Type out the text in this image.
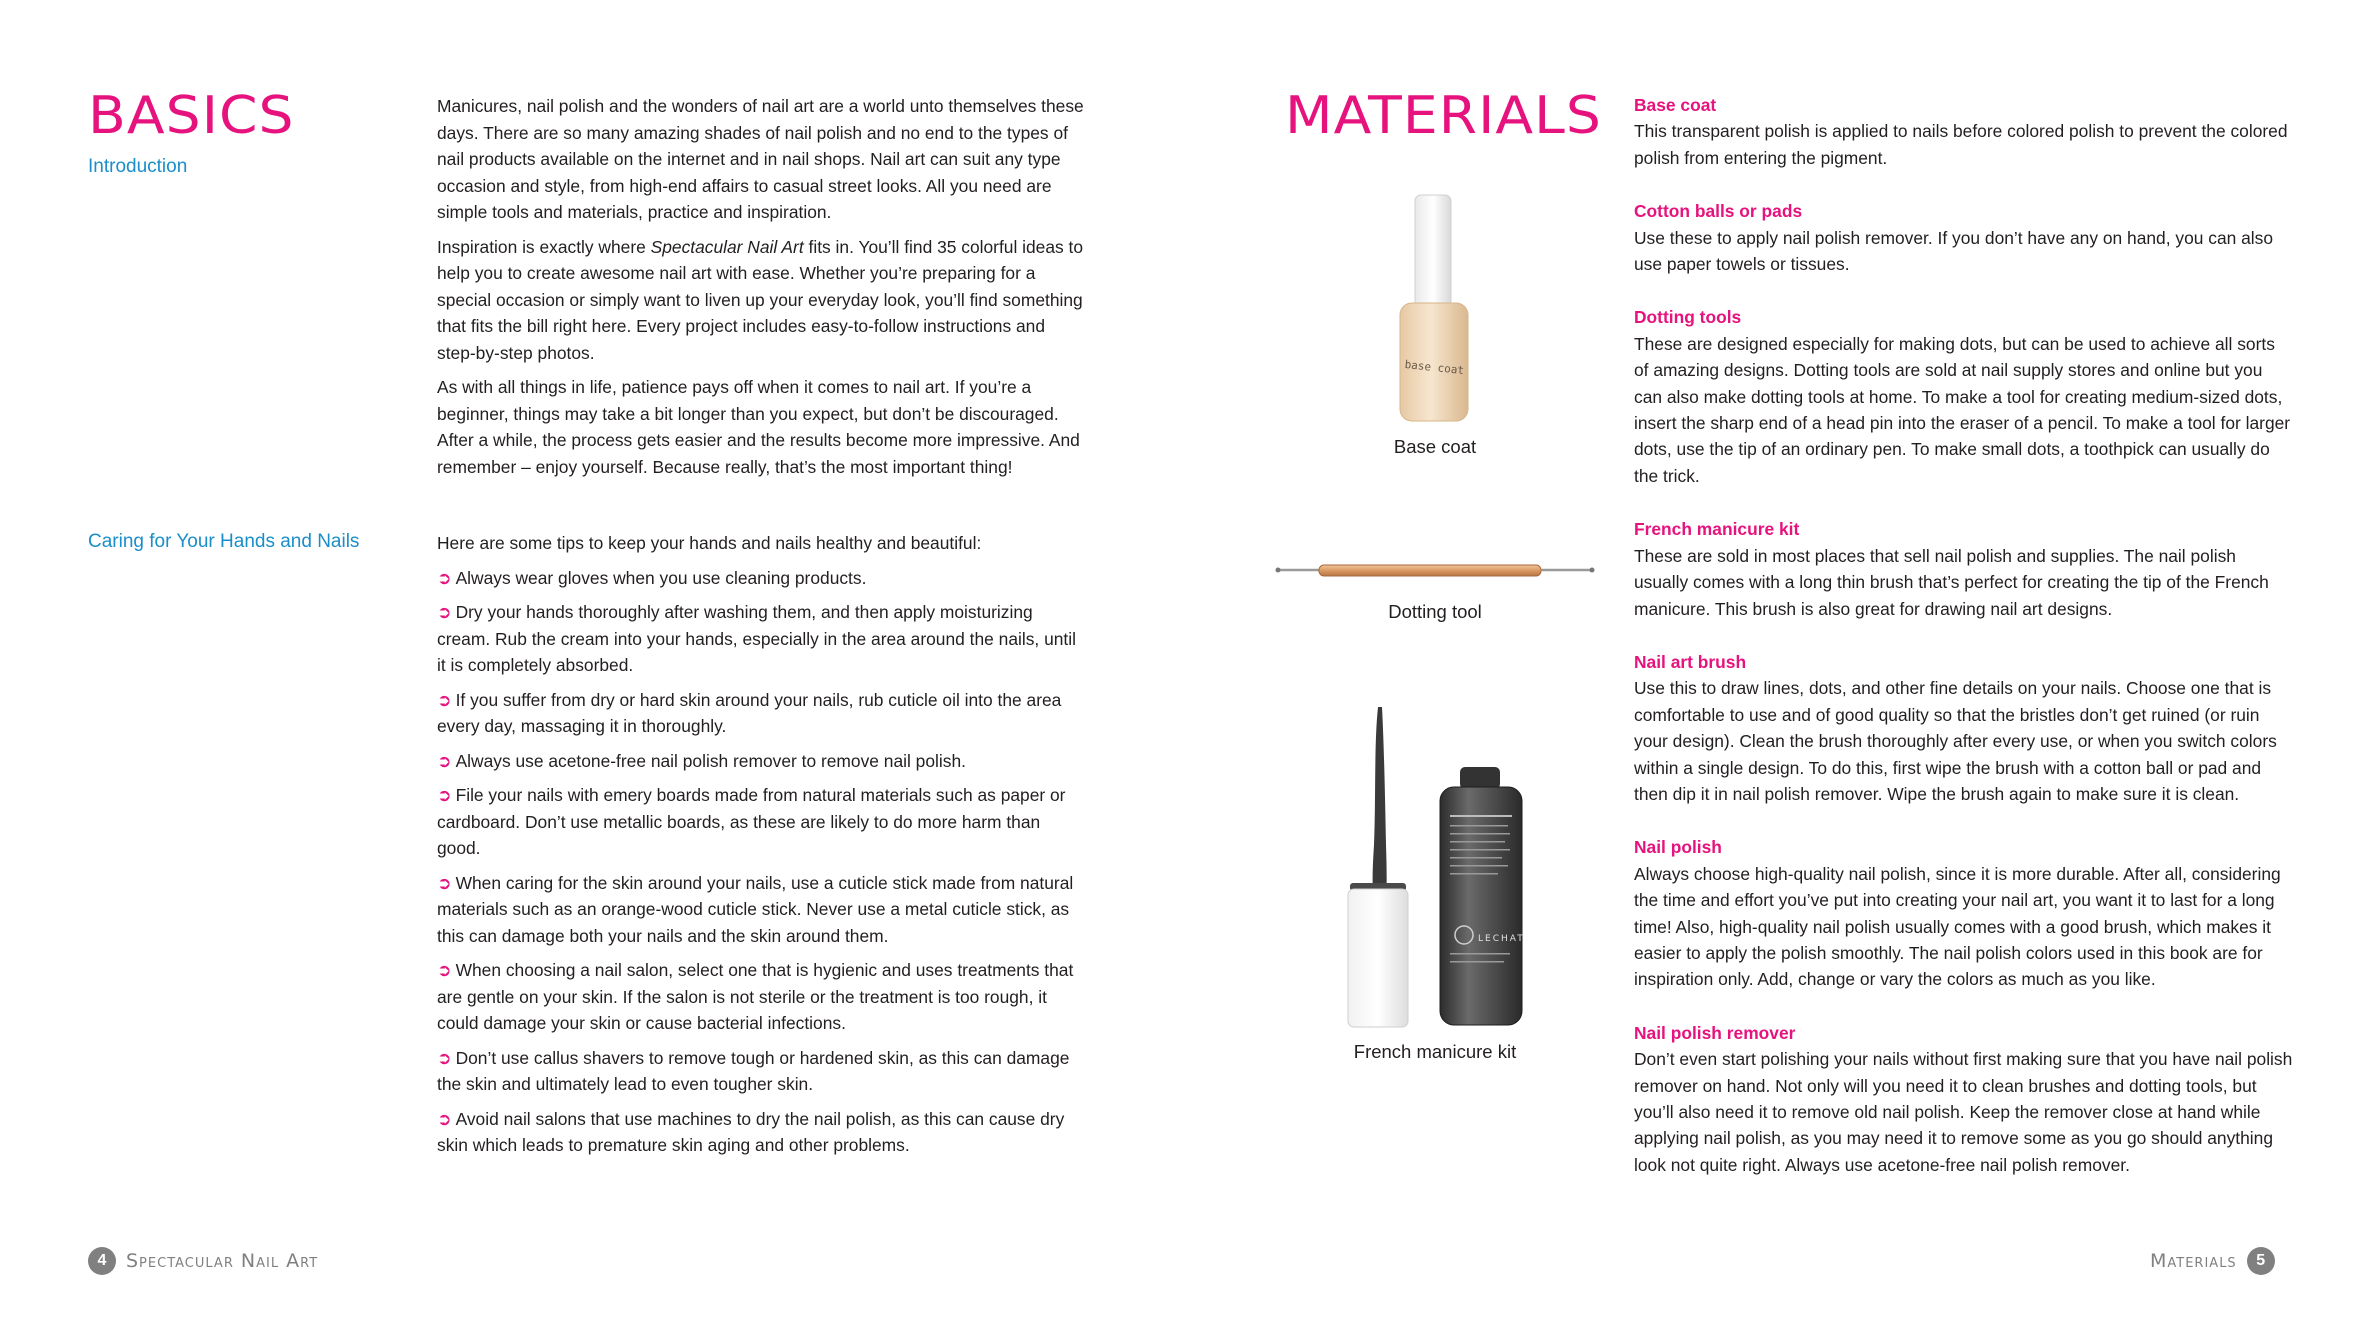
BASICS
Introduction

Manicures, nail polish and the wonders of nail art are a world unto themselves these days. There are so many amazing shades of nail polish and no end to the types of nail products available on the internet and in nail shops. Nail art can suit any type occasion and style, from high-end affairs to casual street looks. All you need are simple tools and materials, practice and inspiration.

Inspiration is exactly where Spectacular Nail Art fits in. You’ll find 35 colorful ideas to help you to create awesome nail art with ease. Whether you’re preparing for a special occasion or simply want to liven up your everyday look, you’ll find something that fits the bill right here. Every project includes easy-to-follow instructions and step-by-step photos.

As with all things in life, patience pays off when it comes to nail art. If you’re a beginner, things may take a bit longer than you expect, but don’t be discouraged. After a while, the process gets easier and the results become more impressive. And remember – enjoy yourself. Because really, that’s the most important thing!

Caring for Your Hands and Nails	Here are some tips to keep your hands and nails healthy and beautiful:

➲ Always wear gloves when you use cleaning products.

➲ Dry your hands thoroughly after washing them, and then apply moisturizing cream. Rub the cream into your hands, especially in the area around the nails, until it is completely absorbed.

➲ If you suffer from dry or hard skin around your nails, rub cuticle oil into the area every day, massaging it in thoroughly.

➲ Always use acetone-free nail polish remover to remove nail polish.

➲ File your nails with emery boards made from natural materials such as paper or cardboard. Don’t use metallic boards, as these are likely to do more harm than good.

➲ When caring for the skin around your nails, use a cuticle stick made from natural materials such as an orange-wood cuticle stick. Never use a metal cuticle stick, as this can damage both your nails and the skin around them.

➲ When choosing a nail salon, select one that is hygienic and uses treatments that are gentle on your skin. If the salon is not sterile or the treatment is too rough, it could damage your skin or cause bacterial infections.

➲ Don’t use callus shavers to remove tough or hardened skin, as this can damage the skin and ultimately lead to even tougher skin.

➲ Avoid nail salons that use machines to dry the nail polish, as this can cause dry skin which leads to premature skin aging and other problems.

4	Spectacular Nail Art
MATERIALS
base coat
Base coat
Dotting tool
LECHAT
French manicure kit
Base coat
This transparent polish is applied to nails before colored polish to prevent the colored polish from entering the pigment.
Cotton balls or pads
Use these to apply nail polish remover. If you don’t have any on hand, you can also use paper towels or tissues.
Dotting tools
These are designed especially for making dots, but can be used to achieve all sorts of amazing designs. Dotting tools are sold at nail supply stores and online but you can also make dotting tools at home. To make a tool for creating medium-sized dots, insert the sharp end of a head pin into the eraser of a pencil. To make a tool for larger dots, use the tip of an ordinary pen. To make small dots, a toothpick can usually do the trick.
French manicure kit
These are sold in most places that sell nail polish and supplies. The nail polish usually comes with a long thin brush that’s perfect for creating the tip of the French manicure. This brush is also great for drawing nail art designs.
Nail art brush
Use this to draw lines, dots, and other fine details on your nails. Choose one that is comfortable to use and of good quality so that the bristles don’t get ruined (or ruin your design). Clean the brush thoroughly after every use, or when you switch colors within a single design. To do this, first wipe the brush with a cotton ball or pad and then dip it in nail polish remover. Wipe the brush again to make sure it is clean.
Nail polish
Always choose high-quality nail polish, since it is more durable. After all, considering the time and effort you’ve put into creating your nail art, you want it to last for a long time! Also, high-quality nail polish usually comes with a good brush, which makes it easier to apply the polish smoothly. The nail polish colors used in this book are for inspiration only. Add, change or vary the colors as much as you like.
Nail polish remover
Don’t even start polishing your nails without first making sure that you have nail polish remover on hand. Not only will you need it to clean brushes and dotting tools, but you’ll also need it to remove old nail polish. Keep the remover close at hand while applying nail polish, as you may need it to remove some as you go should anything look not quite right. Always use acetone-free nail polish remover.
Materials	5
